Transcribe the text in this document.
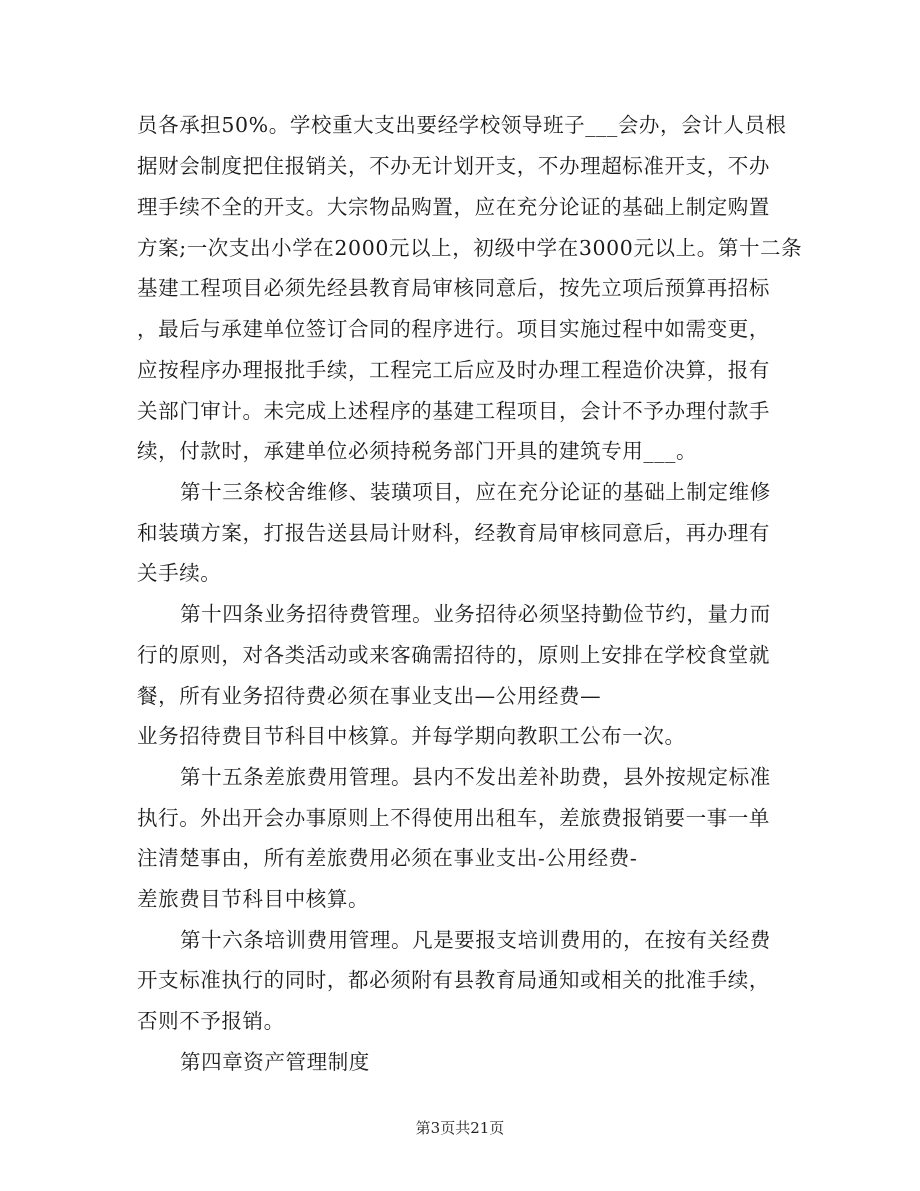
员各承担50%。学校重大支出要经学校领导班子___会办，会计人员根
据财会制度把住报销关，不办无计划开支，不办理超标准开支，不办
理手续不全的开支。大宗物品购置，应在充分论证的基础上制定购置
方案;一次支出小学在2000元以上，初级中学在3000元以上。第十二条
基建工程项目必须先经县教育局审核同意后，按先立项后预算再招标
，最后与承建单位签订合同的程序进行。项目实施过程中如需变更，
应按程序办理报批手续，工程完工后应及时办理工程造价决算，报有
关部门审计。未完成上述程序的基建工程项目，会计不予办理付款手
续，付款时，承建单位必须持税务部门开具的建筑专用___。
第十三条校舍维修、装璜项目，应在充分论证的基础上制定维修
和装璜方案，打报告送县局计财科，经教育局审核同意后，再办理有
关手续。
第十四条业务招待费管理。业务招待必须坚持勤俭节约，量力而
行的原则，对各类活动或来客确需招待的，原则上安排在学校食堂就
餐，所有业务招待费必须在事业支出—公用经费—
业务招待费目节科目中核算。并每学期向教职工公布一次。
第十五条差旅费用管理。县内不发出差补助费，县外按规定标准
执行。外出开会办事原则上不得使用出租车，差旅费报销要一事一单
注清楚事由，所有差旅费用必须在事业支出-公用经费-
差旅费目节科目中核算。
第十六条培训费用管理。凡是要报支培训费用的，在按有关经费
开支标准执行的同时，都必须附有县教育局通知或相关的批准手续，
否则不予报销。
第四章资产管理制度
第3页共21页
